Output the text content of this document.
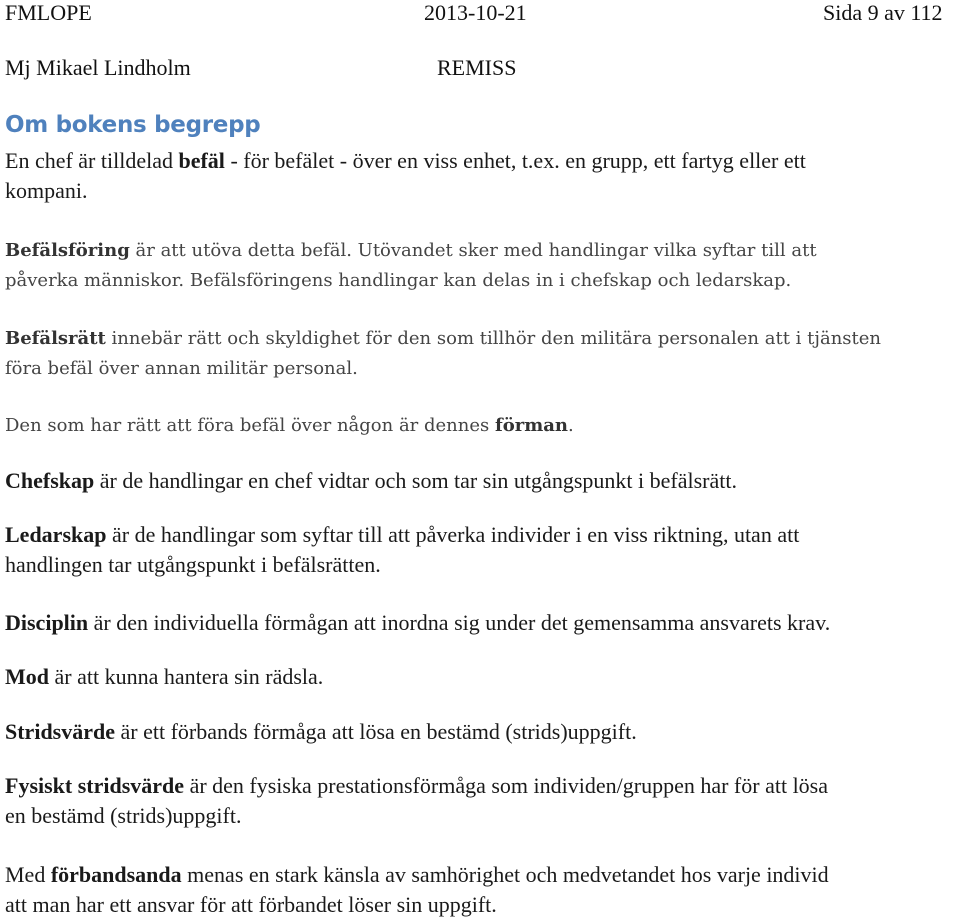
FMLOPE	2013-10-21	Sida 9 av 112
Mj Mikael Lindholm	REMISS
Om bokens begrepp
En chef är tilldelad befäl - för befälet - över en viss enhet, t.ex. en grupp, ett fartyg eller ett
kompani.
Befälsföring är att utöva detta befäl. Utövandet sker med handlingar vilka syftar till att
påverka människor. Befälsföringens handlingar kan delas in i chefskap och ledarskap.
Befälsrätt innebär rätt och skyldighet för den som tillhör den militära personalen att i tjänsten
föra befäl över annan militär personal.
Den som har rätt att föra befäl över någon är dennes förman.
Chefskap är de handlingar en chef vidtar och som tar sin utgångspunkt i befälsrätt.
Ledarskap är de handlingar som syftar till att påverka individer i en viss riktning, utan att
handlingen tar utgångspunkt i befälsrätten.
Disciplin är den individuella förmågan att inordna sig under det gemensamma ansvarets krav.
Mod är att kunna hantera sin rädsla.
Stridsvärde är ett förbands förmåga att lösa en bestämd (strids)uppgift.
Fysiskt stridsvärde är den fysiska prestationsförmåga som individen/gruppen har för att lösa
en bestämd (strids)uppgift.
Med förbandsanda menas en stark känsla av samhörighet och medvetandet hos varje individ
att man har ett ansvar för att förbandet löser sin uppgift.
